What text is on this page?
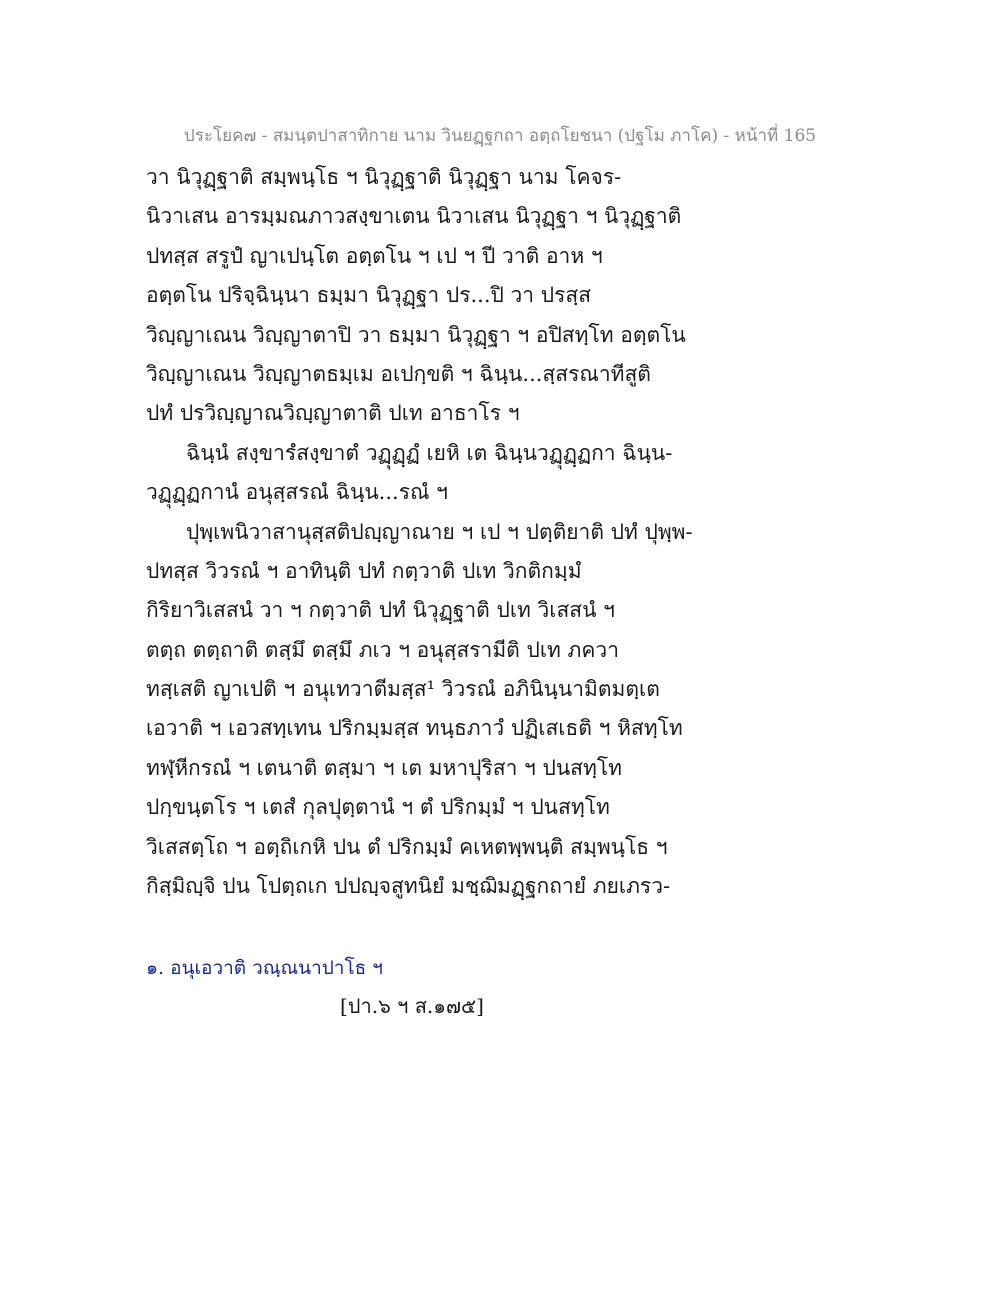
ประโยค๗ - สมนฺตปาสาทิกาย นาม วินยฏฺฐกถา อตฺถโยชนา (ปฐโม ภาโค) - หน้าที่ 165
วา นิวุฏฺฐาติ สมฺพนฺโธ ฯ นิวุฏฺฐาติ นิวุฏฺฐา นาม โคจร-
นิวาเสน อารมฺมณภาวสงฺขาเตน นิวาเสน นิวุฏฺฐา ฯ นิวุฏฺฐาติ
ปทสฺส สรูปํ ญาเปนฺโต อตฺตโน ฯ เป ฯ ปี วาติ อาห ฯ
อตฺตโน ปริจฺฉินฺนา ธมฺมา นิวุฏฺฐา ปร...ปิ วา ปรสฺส
วิญฺญาเณน วิญฺญาตาปิ วา ธมฺมา นิวุฏฺฐา ฯ อปิสทฺโท อตฺตโน
วิญฺญาเณน วิญฺญาตธมฺเม อเปกฺขติ ฯ ฉินฺน...สฺสรณาทีสูติ
ปทํ ปรวิญฺญาณวิญฺญาตาติ ปเท อาธาโร ฯ
ฉินฺนํ สงฺขารํสงฺขาตํ วฏุฏฺฏํ เยหิ เต ฉินฺนวฏุฏฺฏกา ฉินฺน-
วฏุฏฺฏกานํ อนุสฺสรณํ ฉินฺน...รณํ ฯ
ปุพฺเพนิวาสานุสฺสติปญฺญาณาย ฯ เป ฯ ปตฺติยาติ ปทํ ปุพฺพ-
ปทสฺส วิวรณํ ฯ อาทินฺติ ปทํ กตฺวาติ ปเท วิกติกมฺมํ
กิริยาวิเสสนํ วา ฯ กตฺวาติ ปทํ นิวุฏฺฐาติ ปเท วิเสสนํ ฯ
ตตฺถ ตตฺถาติ ตสฺมึ ตสฺมึ ภเว ฯ อนุสฺสรามีติ ปเท ภควา
ทสฺเสติ ญาเปติ ฯ อนุเทวาตีมสฺส¹ วิวรณํ อภินินฺนามิตมตฺเต
เอวาติ ฯ เอวสทฺเทน ปริกมฺมสฺส ทนฺธภาวํ ปฏิเสเธติ ฯ หิสทฺโท
ทฬฺหีกรณํ ฯ เตนาติ ตสฺมา ฯ เต มหาปุริสา ฯ ปนสทฺโท
ปกฺขนฺตโร ฯ เตสํ กุลปุตฺตานํ ฯ ตํ ปริกมฺมํ ฯ ปนสทฺโท
วิเสสตฺโถ ฯ อตฺถิเกหิ ปน ตํ ปริกมฺมํ คเหตพฺพนฺติ สมฺพนฺโธ ฯ
กิสฺมิญฺจิ ปน โปตฺถเก ปปญฺจสูทนิยํ มชฺฌิมฏฺฐกถายํ ภยเภรว-
๑. อนุเอวาติ วณฺณนาปาโธ ฯ
[ปา.๖ ฯ ส.๑๗๕]
